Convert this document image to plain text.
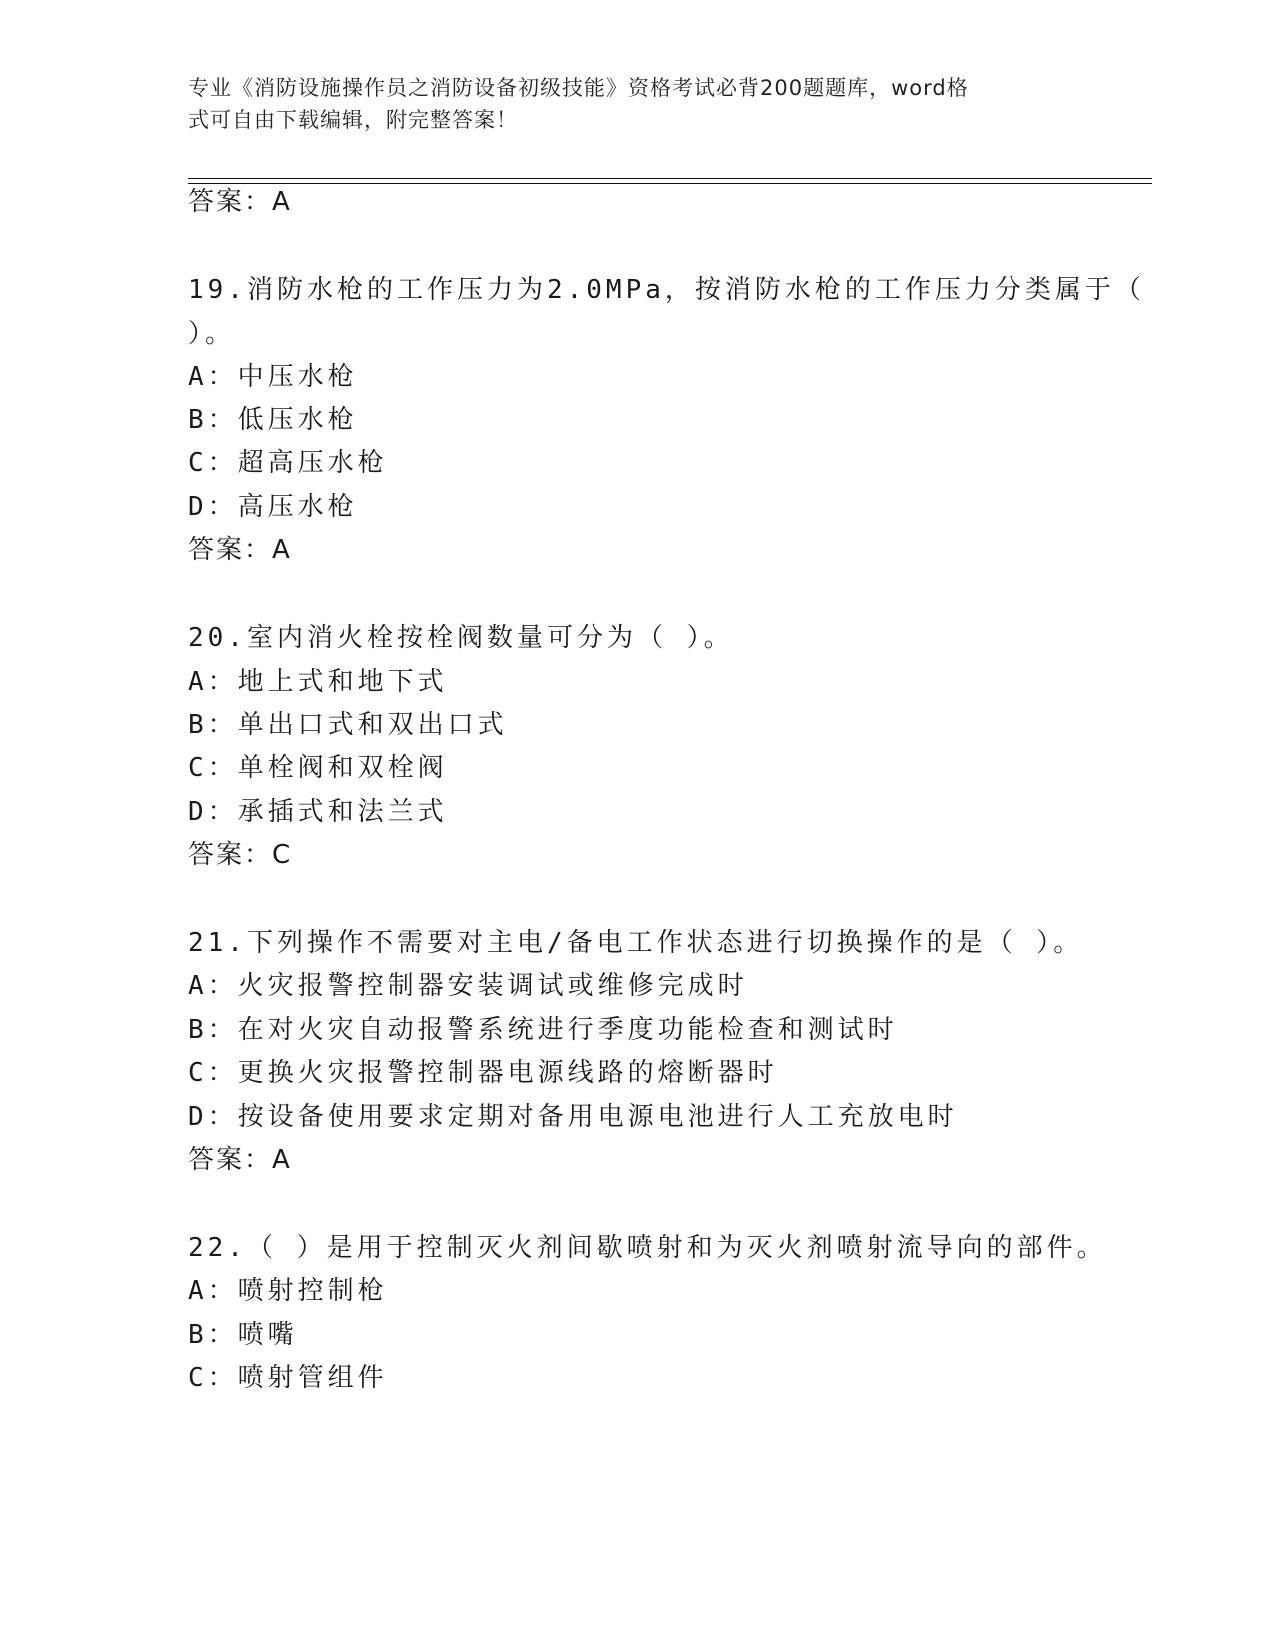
专业《消防设施操作员之消防设备初级技能》资格考试必背200题题库，word格
式可自由下载编辑，附完整答案！
答案：A
19.消防水枪的工作压力为2.0MPa，按消防水枪的工作压力分类属于（
）。
A：中压水枪
B：低压水枪
C：超高压水枪
D：高压水枪
答案：A
20.室内消火栓按栓阀数量可分为（ ）。
A：地上式和地下式
B：单出口式和双出口式
C：单栓阀和双栓阀
D：承插式和法兰式
答案：C
21.下列操作不需要对主电/备电工作状态进行切换操作的是（ ）。
A：火灾报警控制器安装调试或维修完成时
B：在对火灾自动报警系统进行季度功能检查和测试时
C：更换火灾报警控制器电源线路的熔断器时
D：按设备使用要求定期对备用电源电池进行人工充放电时
答案：A
22.（ ）是用于控制灭火剂间歇喷射和为灭火剂喷射流导向的部件。
A：喷射控制枪
B：喷嘴
C：喷射管组件
